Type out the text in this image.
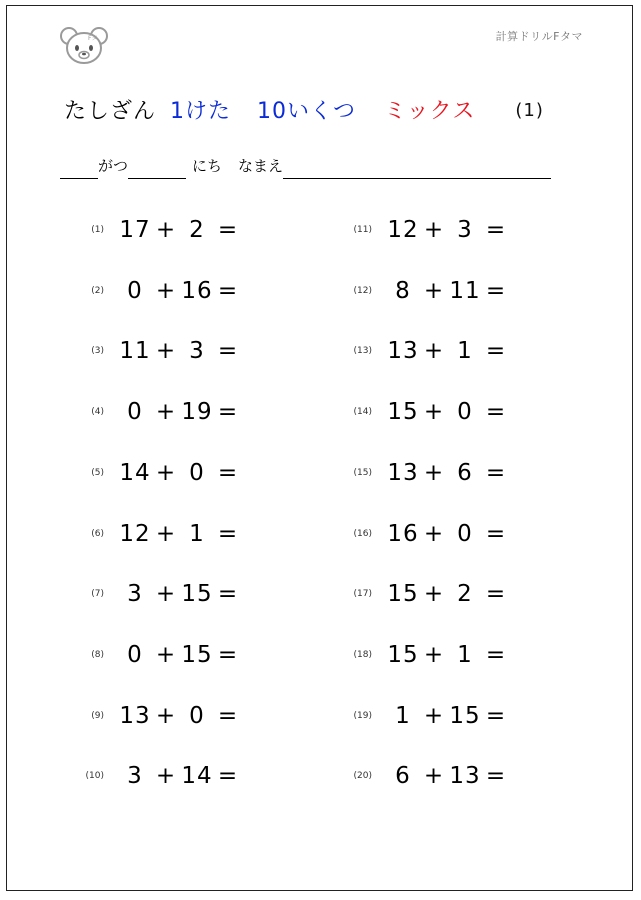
Fタ	計算ドリルFタマ
たしざん 1けた 10いくつ ミックス (1)
がつ	にち なまえ
(1) 17 + 2 =
(2)	0 + 16 =
(3) 11 + 3 =
(4)	0 + 19 =
(5) 14 + 0 =
(6) 12 + 1 =
(7)	3 + 15 =
(8)	0 + 15 =
(9) 13 + 0 =
(10)	3 + 14 =
(11) 12 + 3 =
(12)	8 + 11 =
(13) 13 + 1 =
(14) 15 + 0 =
(15) 13 + 6 =
(16) 16 + 0 =
(17) 15 + 2 =
(18) 15 + 1 =
(19)	1 + 15 =
(20)	6 + 13 =
